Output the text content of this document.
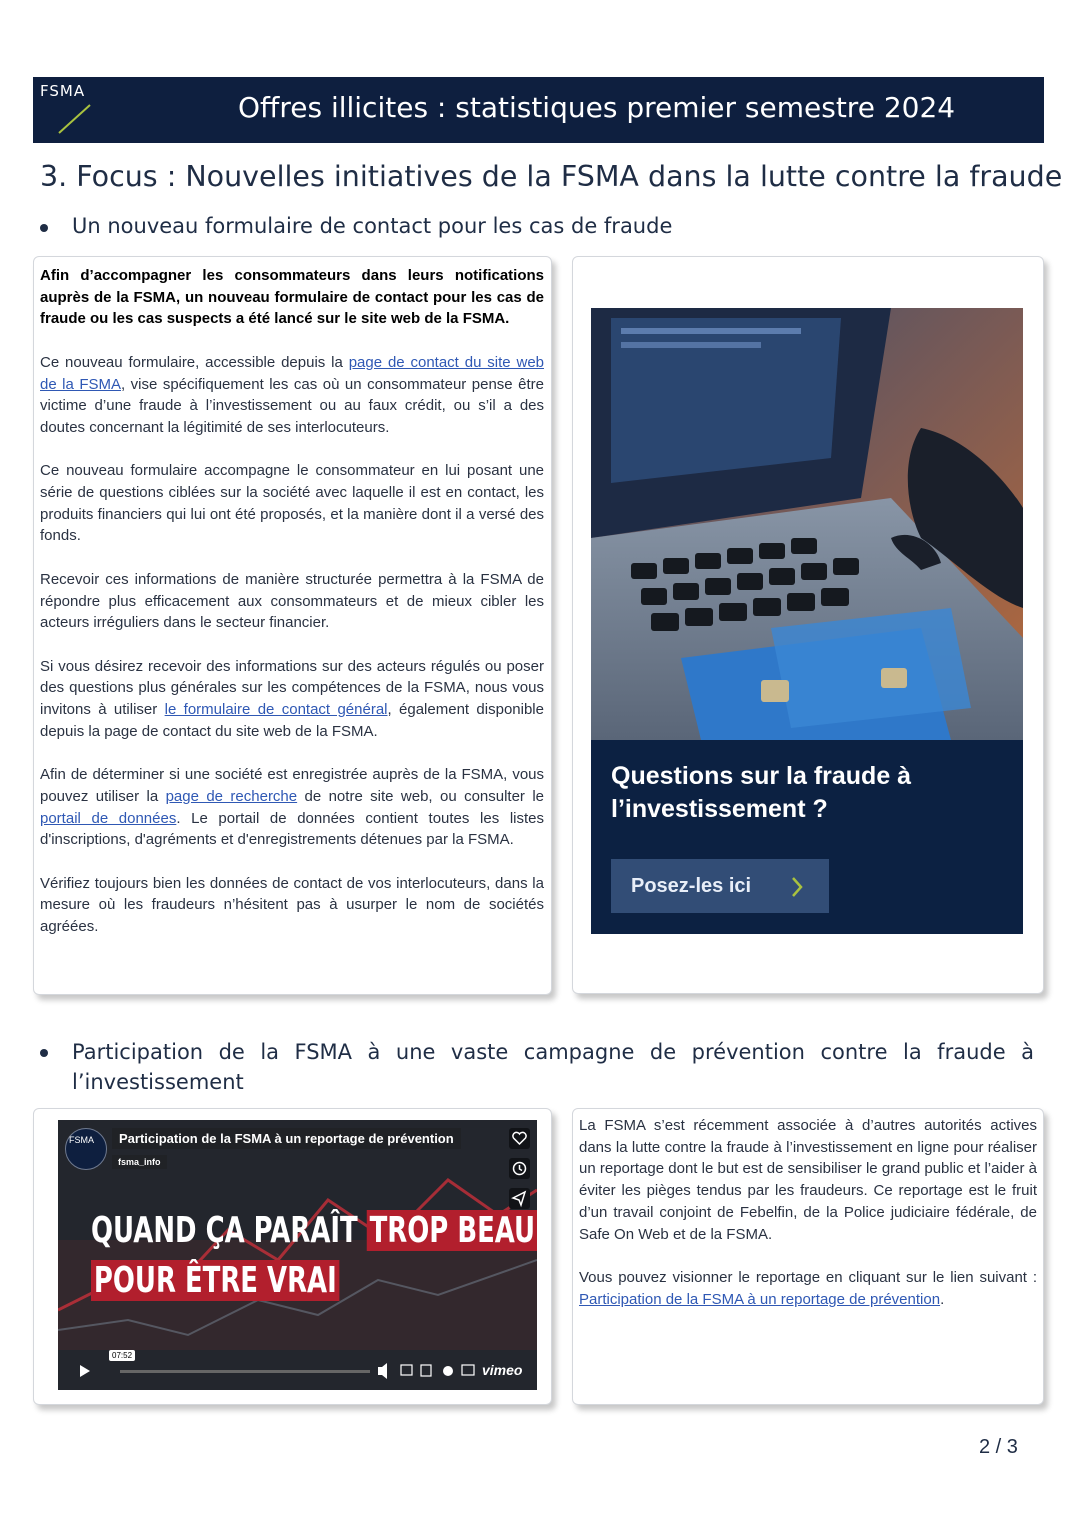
FSMA	Offres illicites : statistiques premier semestre 2024
3. Focus : Nouvelles initiatives de la FSMA dans la lutte contre la fraude
Un nouveau formulaire de contact pour les cas de fraude

Afin d’accompagner les consommateurs dans leurs notifications auprès de la FSMA, un nouveau formulaire de contact pour les cas de fraude ou les cas suspects a été lancé sur le site web de la FSMA.

Ce nouveau formulaire, accessible depuis la page de contact du site web de la FSMA, vise spécifiquement les cas où un consommateur pense être victime d’une fraude à l’investissement ou au faux crédit, ou s’il a des doutes concernant la légitimité de ses interlocuteurs.

Ce nouveau formulaire accompagne le consommateur en lui posant une série de questions ciblées sur la société avec laquelle il est en contact, les produits financiers qui lui ont été proposés, et la manière dont il a versé des fonds.

Recevoir ces informations de manière structurée permettra à la FSMA de répondre plus efficacement aux consommateurs et de mieux cibler les acteurs irréguliers dans le secteur financier.

Si vous désirez recevoir des informations sur des acteurs régulés ou poser des questions plus générales sur les compétences de la FSMA, nous vous invitons à utiliser le formulaire de contact général, également disponible depuis la page de contact du site web de la FSMA.

Afin de déterminer si une société est enregistrée auprès de la FSMA, vous pouvez utiliser la page de recherche de notre site web, ou consulter le portail de données. Le portail de données contient toutes les listes d'inscriptions, d'agréments et d'enregistrements détenues par la FSMA.

Vérifiez toujours bien les données de contact de vos interlocuteurs, dans la mesure où les fraudeurs n’hésitent pas à usurper le nom de sociétés agréées.

Questions sur la fraude à l’investissement ?
Posez-les ici
Participation de la FSMA à une vaste campagne de prévention contre la fraude à l’investissement
FSMA	Participation de la FSMA à un reportage de prévention
fsma_info
QUAND ÇA PARAÎT TROP BEAU
POUR ÊTRE VRAI
07:52
vimeo

La FSMA s’est récemment associée à d’autres autorités actives dans la lutte contre la fraude à l’investissement en ligne pour réaliser un reportage dont le but est de sensibiliser le grand public et l’aider à éviter les pièges tendus par les fraudeurs. Ce reportage est le fruit d’un travail conjoint de Febelfin, de la Police judiciaire fédérale, de Safe On Web et de la FSMA.

Vous pouvez visionner le reportage en cliquant sur le lien suivant : Participation de la FSMA à un reportage de prévention.

2 / 3
